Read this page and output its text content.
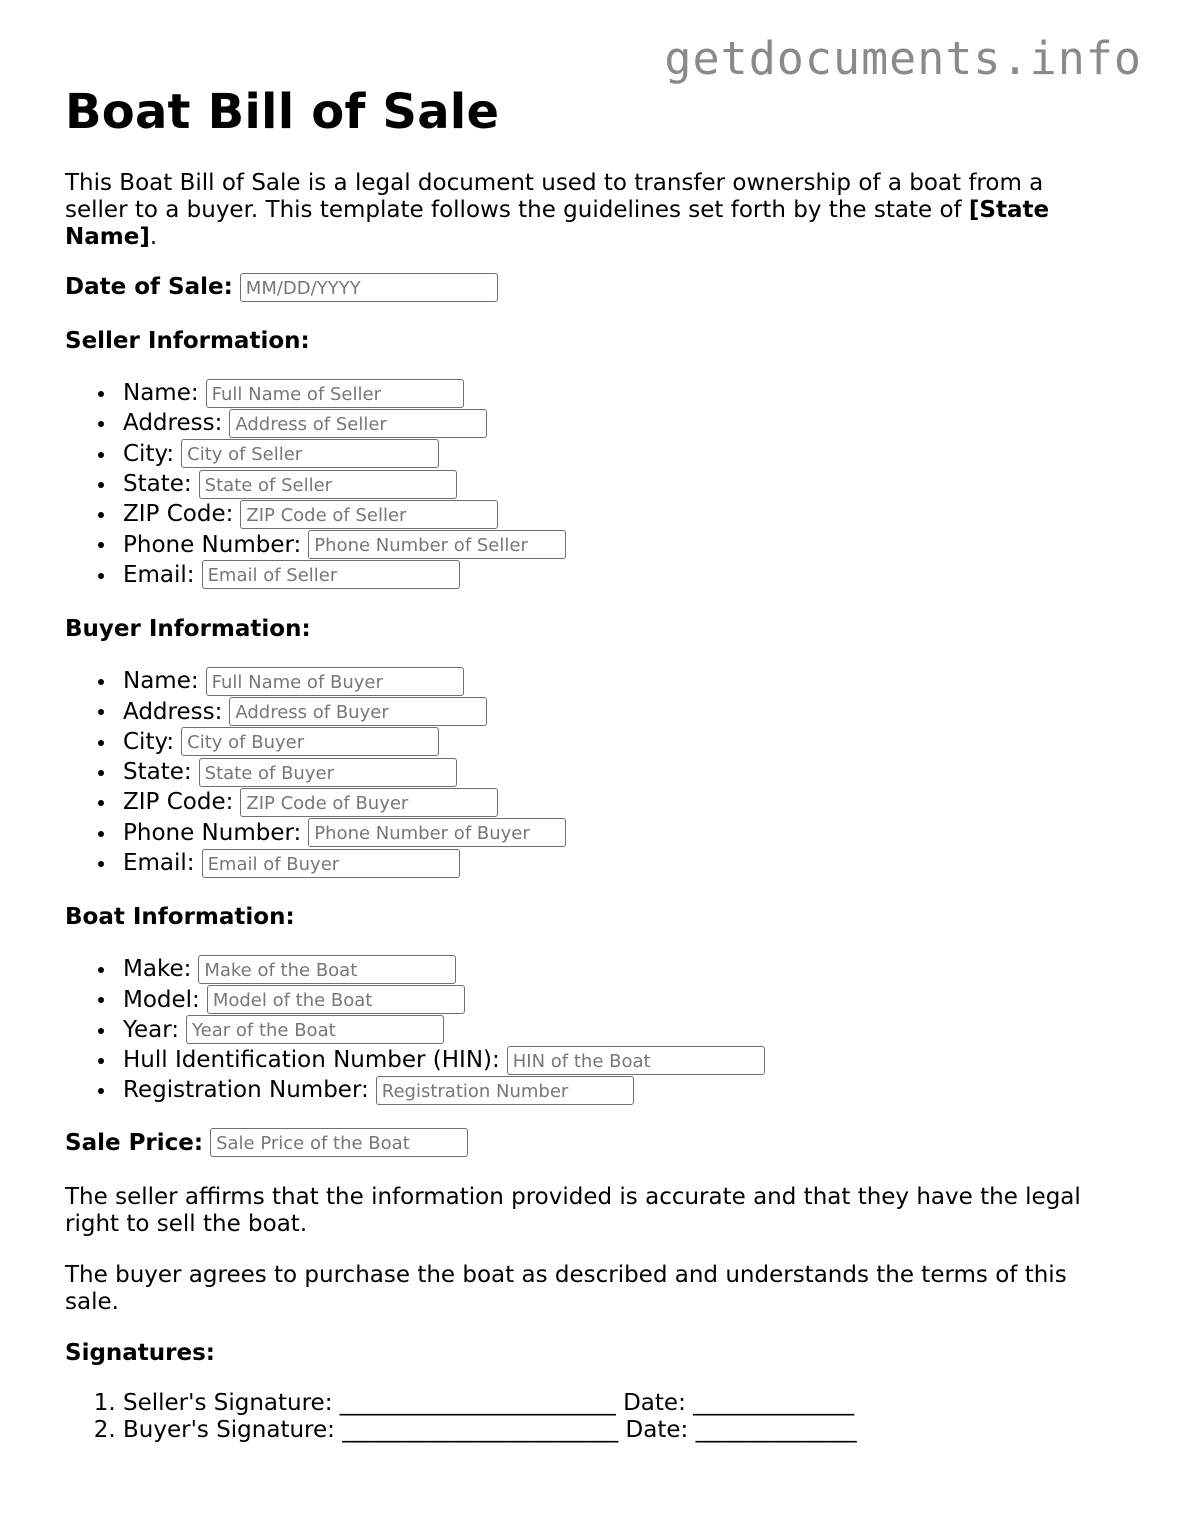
getdocuments.info
Boat Bill of Sale

This Boat Bill of Sale is a legal document used to transfer ownership of a boat from a seller to a buyer. This template follows the guidelines set forth by the state of [State Name].

Date of Sale:
MM/DD/YYYY
Seller Information:
Name:
Full Name of Seller
Address:
Address of Seller
City:
City of Seller
State:
State of Seller
ZIP Code:
ZIP Code of Seller
Phone Number:
Phone Number of Seller
Email:
Email of Seller
Buyer Information:
Name:
Full Name of Buyer
Address:
Address of Buyer
City:
City of Buyer
State:
State of Buyer
ZIP Code:
ZIP Code of Buyer
Phone Number:
Phone Number of Buyer
Email:
Email of Buyer
Boat Information:
Make:
Make of the Boat
Model:
Model of the Boat
Year:
Year of the Boat
Hull Identification Number (HIN):
HIN of the Boat
Registration Number:
Registration Number
Sale Price:
Sale Price of the Boat
The seller affirms that the information provided is accurate and that they have the legal right to sell the boat.
The buyer agrees to purchase the boat as described and understands the terms of this sale.
Signatures:
1. Seller's Signature: ________________________ Date: ______________
2. Buyer's Signature: ________________________ Date: ______________
